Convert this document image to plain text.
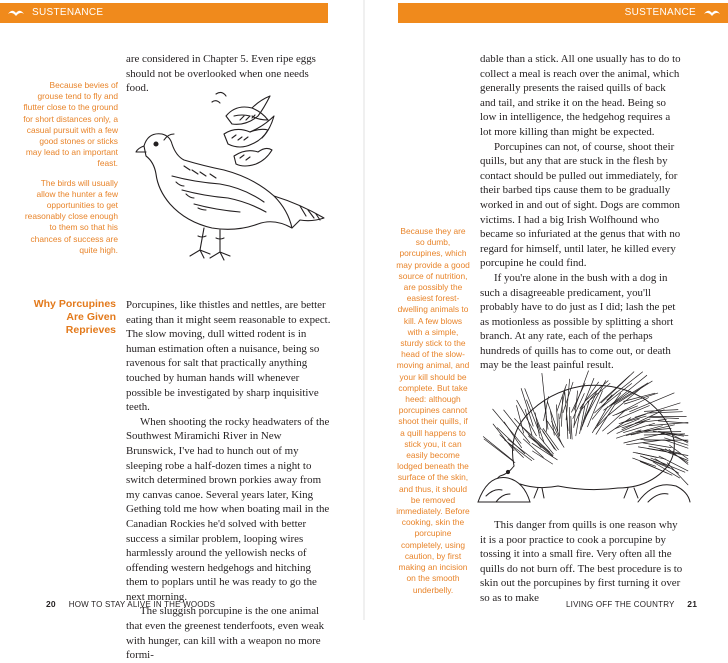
SUSTENANCE	SUSTENANCE
are considered in Chapter 5. Even ripe eggs should not be overlooked when one needs food.

Because bevies of grouse tend to fly and flutter close to the ground for short distances only, a casual pursuit with a few good stones or sticks may lead to an important feast.

The birds will usually allow the hunter a few opportunities to get reasonably close enough to them so that his chances of success are quite high.

Why Porcupines Are Given Reprieves
Porcupines, like thistles and nettles, are better eating than it might seem reasonable to expect. The slow moving, dull witted rodent is in human estimation often a nuisance, being so ravenous for salt that practically anything touched by human hands will whenever possible be investigated by sharp inquisitive teeth.
When shooting the rocky headwaters of the Southwest Miramichi River in New Brunswick, I've had to hunch out of my sleeping robe a half-dozen times a night to switch determined brown porkies away from my canvas canoe. Several years later, King Gething told me how when boating mail in the Canadian Rockies he'd solved with better success a similar problem, looping wires harmlessly around the yellowish necks of offending western hedgehogs and hitching them to poplars until he was ready to go the next morning.
The sluggish porcupine is the one animal that even the greenest tenderfoots, even weak with hunger, can kill with a weapon no more formi-
20 HOW TO STAY ALIVE IN THE WOODS
dable than a stick. All one usually has to do to collect a meal is reach over the animal, which generally presents the raised quills of back and tail, and strike it on the head. Being so low in intelligence, the hedgehog requires a lot more killing than might be expected.
Porcupines can not, of course, shoot their quills, but any that are stuck in the flesh by contact should be pulled out immediately, for their barbed tips cause them to be gradually worked in and out of sight. Dogs are common victims. I had a big Irish Wolfhound who became so infuriated at the genus that with no regard for himself, until later, he killed every porcupine he could find.
If you're alone in the bush with a dog in such a disagreeable predicament, you'll probably have to do just as I did; lash the pet as motionless as possible by splitting a short branch. At any rate, each of the perhaps hundreds of quills has to come out, or death may be the least painful result.

Because they are so dumb, porcupines, which may provide a good source of nutrition, are possibly the easiest forest-dwelling animals to kill. A few blows with a simple, sturdy stick to the head of the slow-moving animal, and your kill should be complete. But take heed: although porcupines cannot shoot their quills, if a quill happens to stick you, it can easily become lodged beneath the surface of the skin, and thus, it should be removed immediately. Before cooking, skin the porcupine completely, using caution, by first making an incision on the smooth underbelly.

This danger from quills is one reason why it is a poor practice to cook a porcupine by tossing it into a small fire. Very often all the quills do not burn off. The best procedure is to skin out the porcupines by first turning it over so as to make
LIVING OFF THE COUNTRY 21
